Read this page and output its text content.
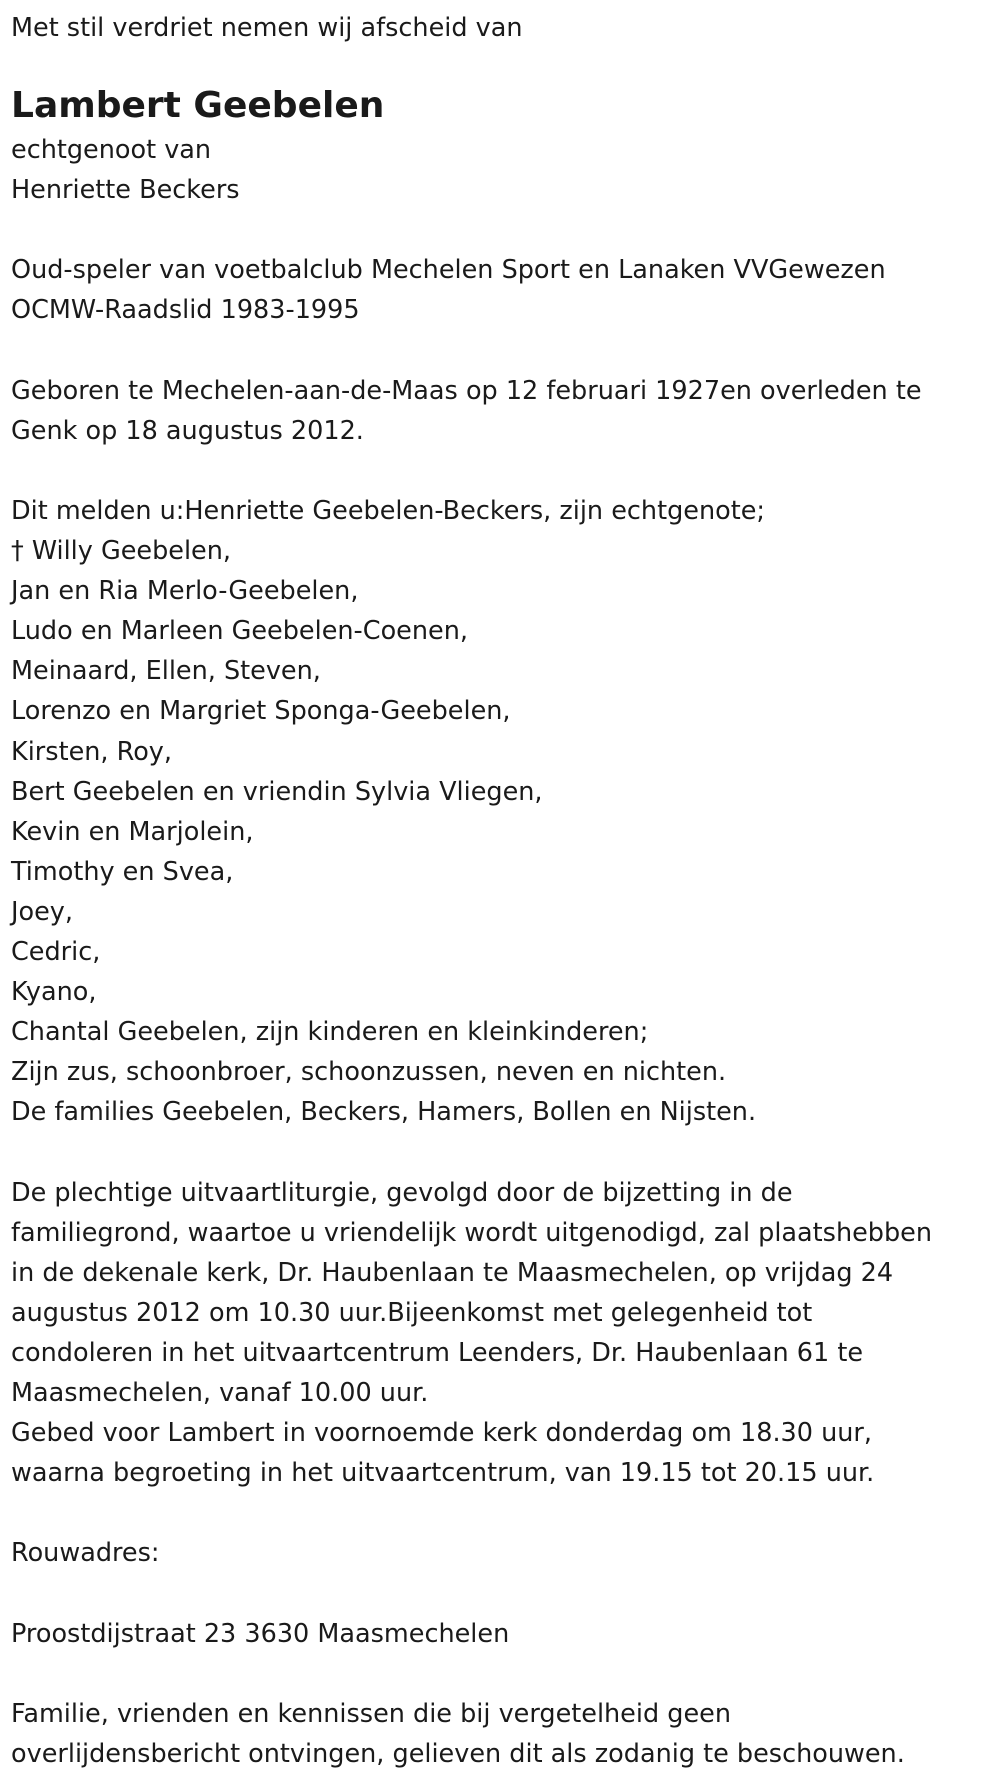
Met stil verdriet nemen wij afscheid van
Lambert Geebelen
echtgenoot van
Henriette Beckers
Oud-speler van voetbalclub Mechelen Sport en Lanaken VVGewezen
OCMW-Raadslid 1983-1995
Geboren te Mechelen-aan-de-Maas op 12 februari 1927en overleden te
Genk op 18 augustus 2012.
Dit melden u:Henriette Geebelen-Beckers, zijn echtgenote;
† Willy Geebelen,
Jan en Ria Merlo-Geebelen,
Ludo en Marleen Geebelen-Coenen,
Meinaard, Ellen, Steven,
Lorenzo en Margriet Sponga-Geebelen,
Kirsten, Roy,
Bert Geebelen en vriendin Sylvia Vliegen,
Kevin en Marjolein,
Timothy en Svea,
Joey,
Cedric,
Kyano,
Chantal Geebelen, zijn kinderen en kleinkinderen;
Zijn zus, schoonbroer, schoonzussen, neven en nichten.
De families Geebelen, Beckers, Hamers, Bollen en Nijsten.
De plechtige uitvaartliturgie, gevolgd door de bijzetting in de
familiegrond, waartoe u vriendelijk wordt uitgenodigd, zal plaatshebben
in de dekenale kerk, Dr. Haubenlaan te Maasmechelen, op vrijdag 24
augustus 2012 om 10.30 uur.Bijeenkomst met gelegenheid tot
condoleren in het uitvaartcentrum Leenders, Dr. Haubenlaan 61 te
Maasmechelen, vanaf 10.00 uur.
Gebed voor Lambert in voornoemde kerk donderdag om 18.30 uur,
waarna begroeting in het uitvaartcentrum, van 19.15 tot 20.15 uur.
Rouwadres:
Proostdijstraat 23 3630 Maasmechelen
Familie, vrienden en kennissen die bij vergetelheid geen
overlijdensbericht ontvingen, gelieven dit als zodanig te beschouwen.
